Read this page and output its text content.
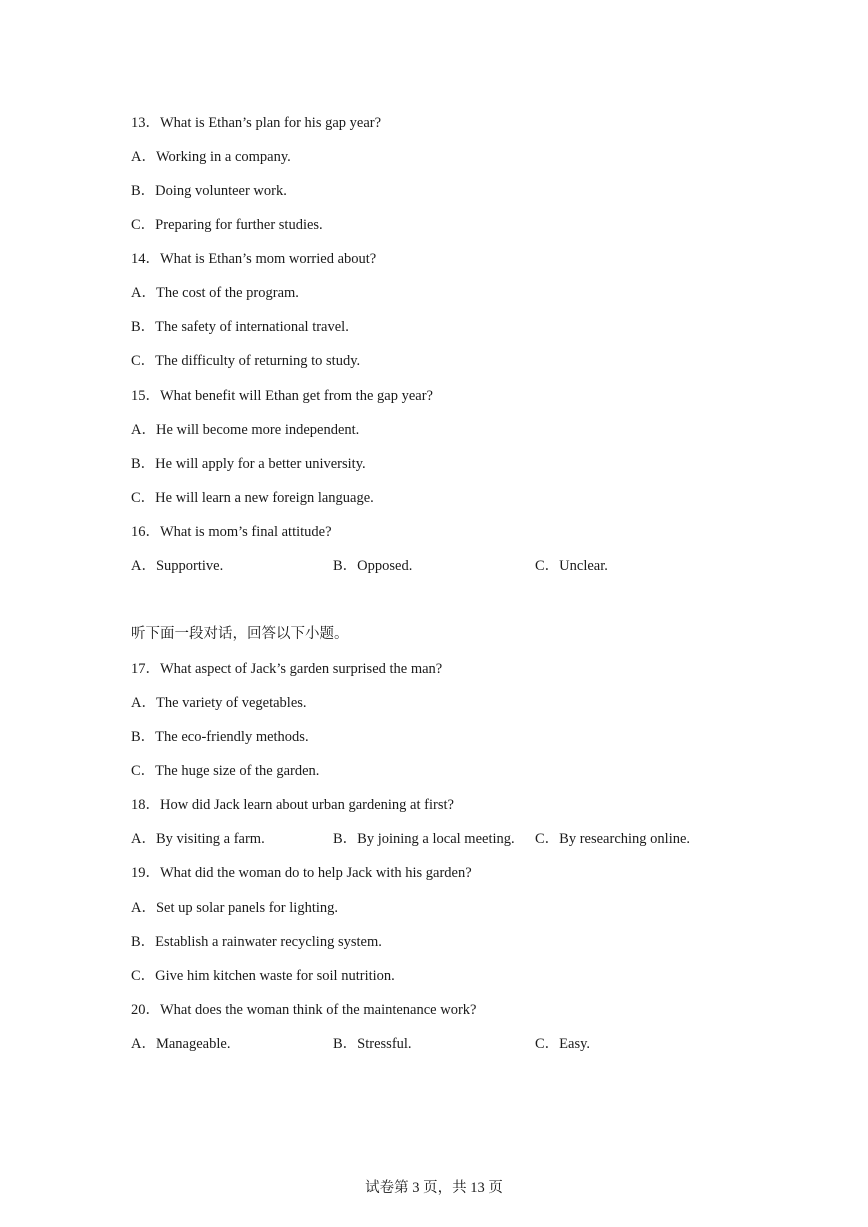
13．What is Ethan’s plan for his gap year?
A．Working in a company.
B．Doing volunteer work.
C．Preparing for further studies.
14．What is Ethan’s mom worried about?
A．The cost of the program.
B．The safety of international travel.
C．The difficulty of returning to study.
15．What benefit will Ethan get from the gap year?
A．He will become more independent.
B．He will apply for a better university.
C．He will learn a new foreign language.
16．What is mom’s final attitude?
A．Supportive.	B．Opposed.	C．Unclear.
听下面一段对话，回答以下小题。
17．What aspect of Jack’s garden surprised the man?
A．The variety of vegetables.
B．The eco-friendly methods.
C．The huge size of the garden.
18．How did Jack learn about urban gardening at first?
A．By visiting a farm.	B．By joining a local meeting. C．By researching online.
19．What did the woman do to help Jack with his garden?
A．Set up solar panels for lighting.
B．Establish a rainwater recycling system.
C．Give him kitchen waste for soil nutrition.
20．What does the woman think of the maintenance work?
A．Manageable.	B．Stressful.	C．Easy.
试卷第 3 页，共 13 页
